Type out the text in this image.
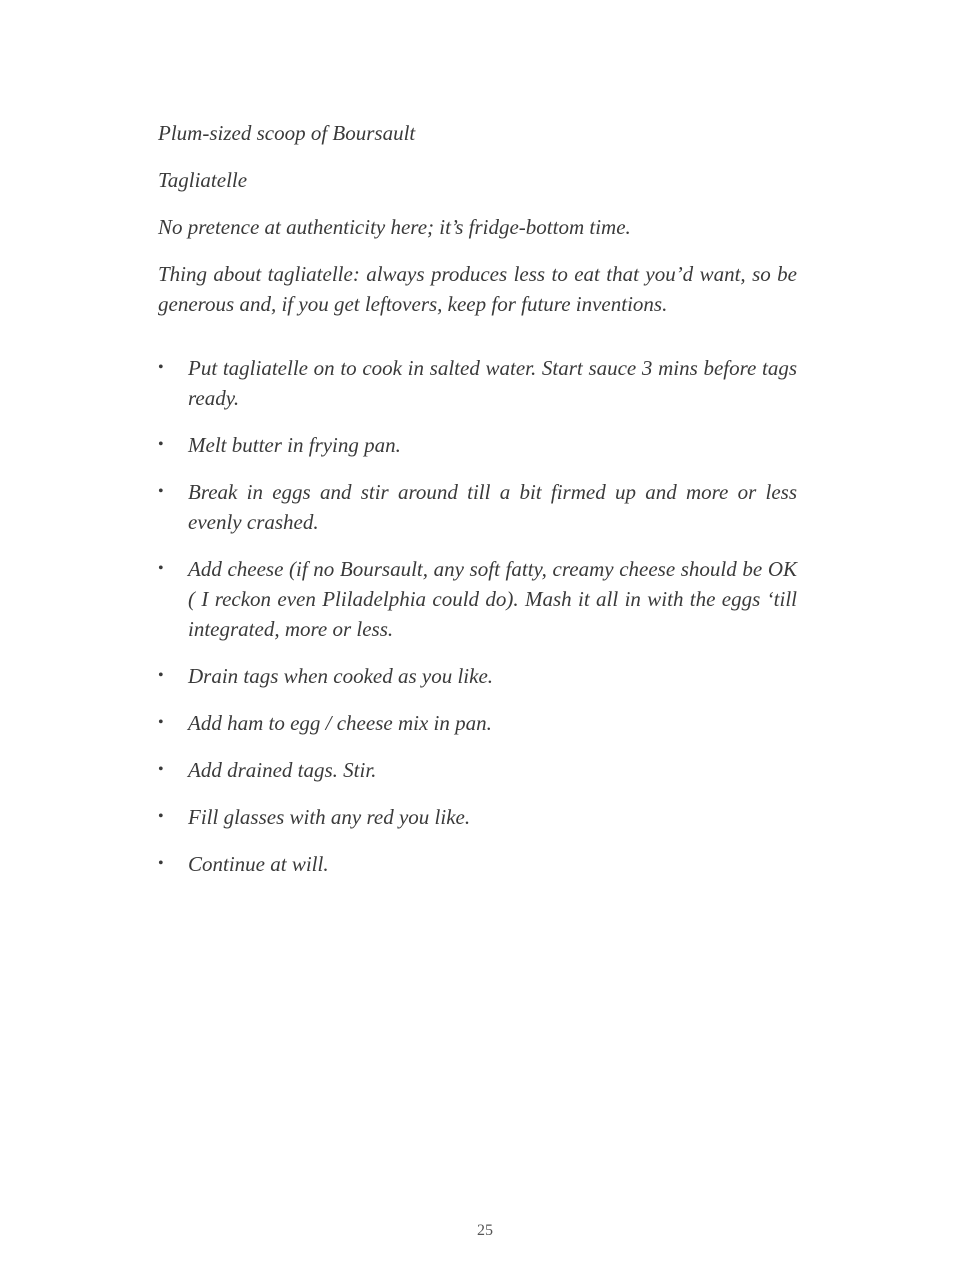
Plum-sized scoop of Boursault

Tagliatelle

No pretence at authenticity here; it’s fridge-bottom time.

Thing about tagliatelle: always produces less to eat that you’d want, so be generous and, if you get leftovers, keep for future inventions.

• Put tagliatelle on to cook in salted water. Start sauce 3 mins before tags ready.
• Melt butter in frying pan.
• Break in eggs and stir around till a bit firmed up and more or less evenly crashed.
• Add cheese (if no Boursault, any soft fatty, creamy cheese should be OK ( I reckon even Pliladelphia could do). Mash it all in with the eggs ‘till integrated, more or less.
• Drain tags when cooked as you like.
• Add ham to egg / cheese mix in pan.
• Add drained tags. Stir.
• Fill glasses with any red you like.
• Continue at will.
25
